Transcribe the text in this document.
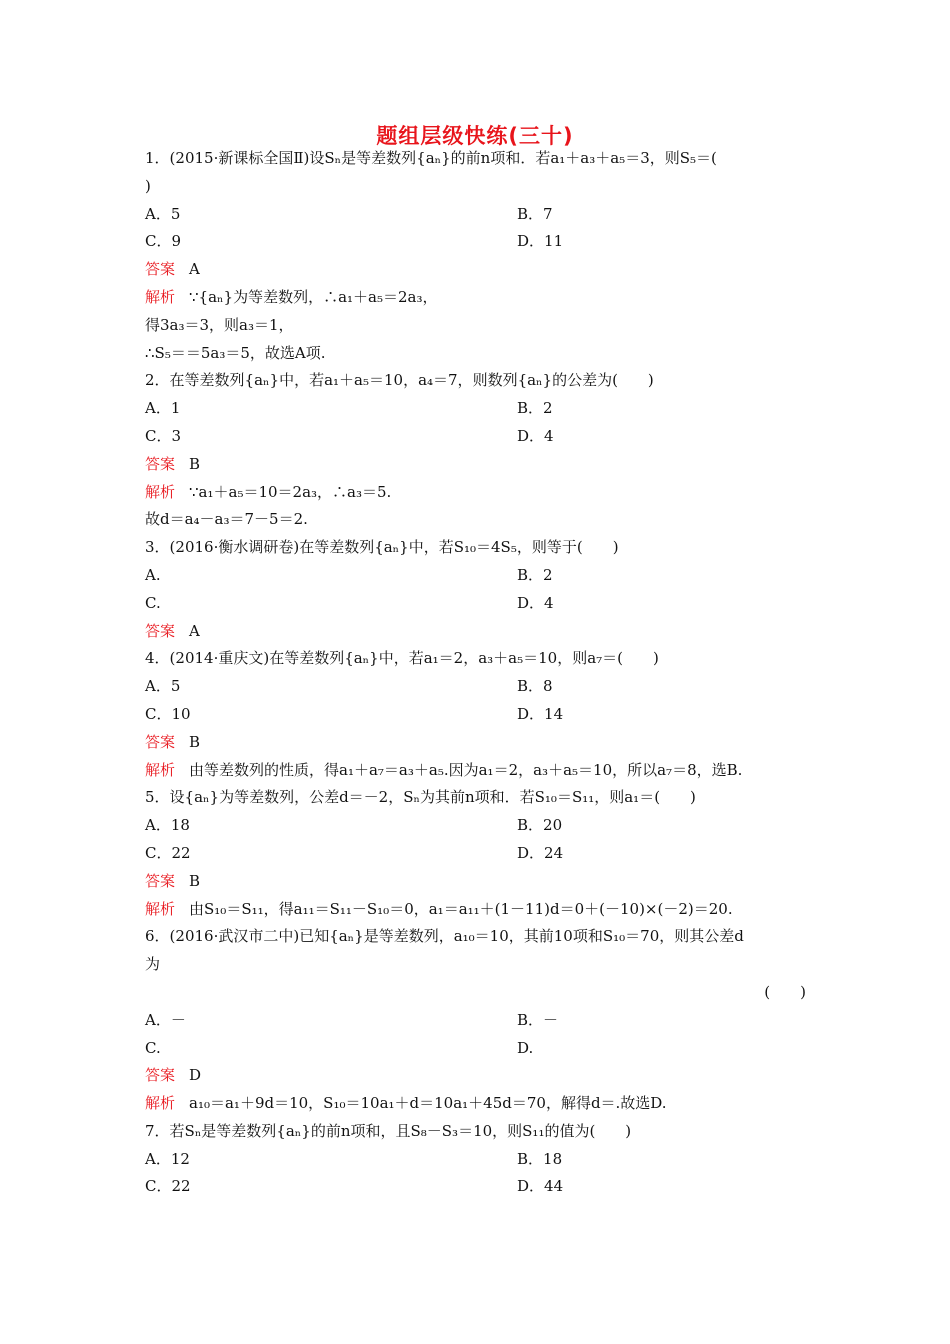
题组层级快练(三十)
1．(2015·新课标全国Ⅱ)设Sₙ是等差数列{aₙ}的前n项和．若a₁＋a₃＋a₅＝3，则S₅＝(
)
A．5	B．7
C．9	D．11
答案 A
解析 ∵{aₙ}为等差数列，∴a₁＋a₅＝2a₃，
得3a₃＝3，则a₃＝1，
∴S₅＝＝5a₃＝5，故选A项.
2．在等差数列{aₙ}中，若a₁＋a₅＝10，a₄＝7，则数列{aₙ}的公差为(　　)
A．1	B．2
C．3	D．4
答案 B
解析 ∵a₁＋a₅＝10＝2a₃，∴a₃＝5.
故d＝a₄－a₃＝7－5＝2.
3．(2016·衡水调研卷)在等差数列{aₙ}中，若S₁₀＝4S₅，则等于(　　)
A.	B．2
C.	D．4
答案 A
4．(2014·重庆文)在等差数列{aₙ}中，若a₁＝2，a₃＋a₅＝10，则a₇＝(　　)
A．5	B．8
C．10	D．14
答案 B
解析 由等差数列的性质，得a₁＋a₇＝a₃＋a₅.因为a₁＝2，a₃＋a₅＝10，所以a₇＝8，选B.
5．设{aₙ}为等差数列，公差d＝－2，Sₙ为其前n项和．若S₁₀＝S₁₁，则a₁＝(　　)
A．18	B．20
C．22	D．24
答案 B
解析 由S₁₀＝S₁₁，得a₁₁＝S₁₁－S₁₀＝0，a₁＝a₁₁＋(1－11)d＝0＋(－10)×(－2)＝20.
6．(2016·武汉市二中)已知{aₙ}是等差数列，a₁₀＝10，其前10项和S₁₀＝70，则其公差d
为
(　　)
A．－	B．－
C.	D.
答案 D
解析 a₁₀＝a₁＋9d＝10，S₁₀＝10a₁＋d＝10a₁＋45d＝70，解得d＝.故选D.
7．若Sₙ是等差数列{aₙ}的前n项和，且S₈－S₃＝10，则S₁₁的值为(　　)
A．12	B．18
C．22	D．44
